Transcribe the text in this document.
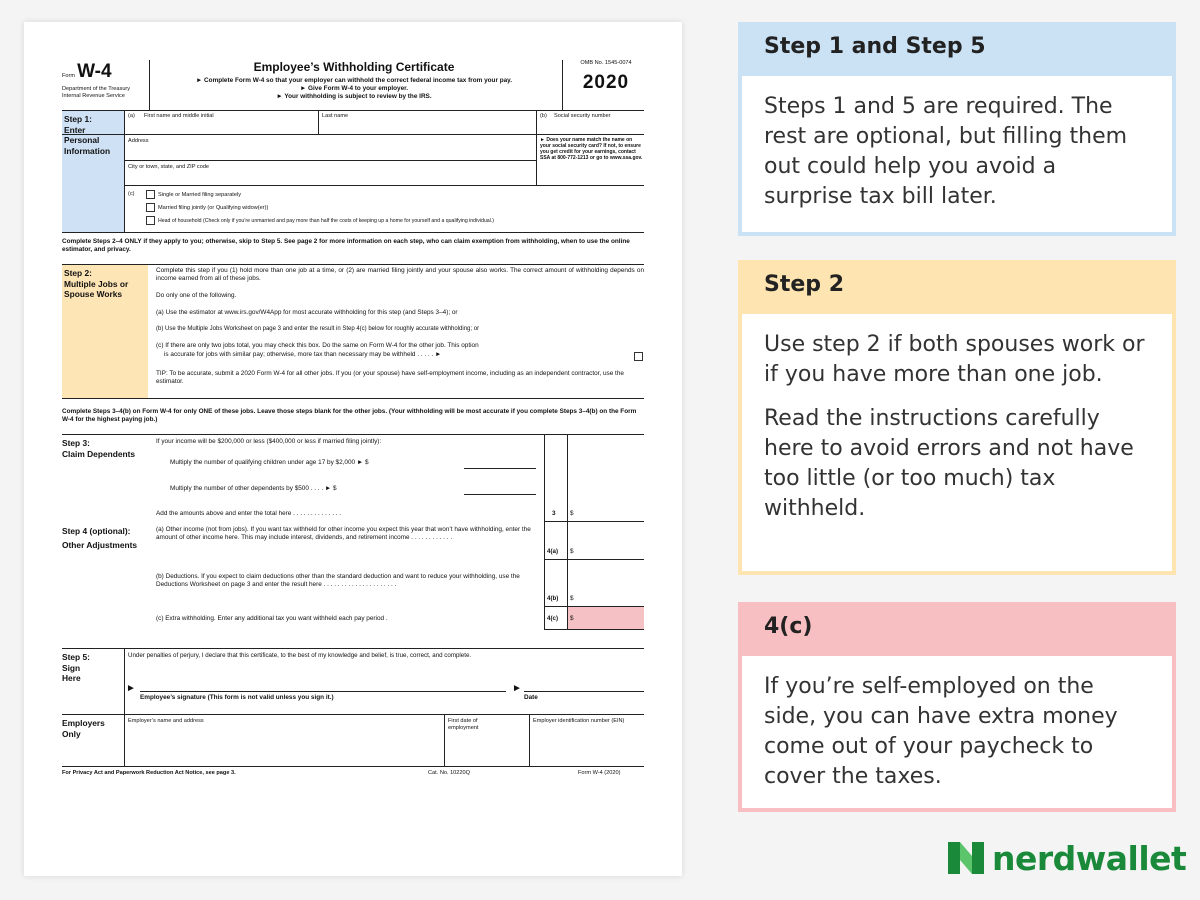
Form W-4
Department of the Treasury
Internal Revenue Service
Employee’s Withholding Certificate
► Complete Form W-4 so that your employer can withhold the correct federal income tax from your pay.
► Give Form W-4 to your employer.
► Your withholding is subject to review by the IRS.
OMB No. 1545-0074
2020
Step 1:
Enter Personal Information
(a) First name and middle initial	Last name	(b) Social security number
Address
City or town, state, and ZIP code
► Does your name match the name on your social security card? If not, to ensure you get credit for your earnings, contact SSA at 800-772-1213 or go to www.ssa.gov.
(c)	Single or Married filing separately
Married filing jointly (or Qualifying widow(er))
Head of household (Check only if you’re unmarried and pay more than half the costs of keeping up a home for yourself and a qualifying individual.)
Complete Steps 2–4 ONLY if they apply to you; otherwise, skip to Step 5. See page 2 for more information on each step, who can claim exemption from withholding, when to use the online estimator, and privacy.
Step 2:
Multiple Jobs or Spouse Works
Complete this step if you (1) hold more than one job at a time, or (2) are married filing jointly and your spouse also works. The correct amount of withholding depends on income earned from all of these jobs.
Do only one of the following.
(a) Use the estimator at www.irs.gov/W4App for most accurate withholding for this step (and Steps 3–4); or
(b) Use the Multiple Jobs Worksheet on page 3 and enter the result in Step 4(c) below for roughly accurate withholding; or
(c) If there are only two jobs total, you may check this box. Do the same on Form W-4 for the other job. This option
is accurate for jobs with similar pay; otherwise, more tax than necessary may be withheld . . . . . ►
TIP: To be accurate, submit a 2020 Form W-4 for all other jobs. If you (or your spouse) have self-employment income, including as an independent contractor, use the estimator.
Complete Steps 3–4(b) on Form W-4 for only ONE of these jobs. Leave those steps blank for the other jobs. (Your withholding will be most accurate if you complete Steps 3–4(b) on the Form W-4 for the highest paying job.)
Step 3:
Claim Dependents
If your income will be $200,000 or less ($400,000 or less if married filing jointly):
Multiply the number of qualifying children under age 17 by $2,000 ► $
Multiply the number of other dependents by $500 . . . . ► $
Add the amounts above and enter the total here . . . . . . . . . . . . . .	3 $
Step 4 (optional):
Other Adjustments
(a) Other income (not from jobs). If you want tax withheld for other income you expect this year that won’t have withholding, enter the amount of other income here. This may include interest, dividends, and retirement income . . . . . . . . . . . .
4(a) $
(b) Deductions. If you expect to claim deductions other than the standard deduction and want to reduce your withholding, use the Deductions Worksheet on page 3 and enter the result here . . . . . . . . . . . . . . . . . . . . .
4(b) $
(c) Extra withholding. Enter any additional tax you want withheld each pay period .	4(c) $
Step 5:
Sign Here
Under penalties of perjury, I declare that this certificate, to the best of my knowledge and belief, is true, correct, and complete.
►
Employee’s signature (This form is not valid unless you sign it.)
►
Date
Employers Only
Employer’s name and address	First date of employment
Employer identification number (EIN)
For Privacy Act and Paperwork Reduction Act Notice, see page 3.	Cat. No. 10220Q	Form W-4 (2020)
Step 1 and Step 5

Steps 1 and 5 are required. The rest are optional, but filling them out could help you avoid a surprise tax bill later.

Step 2

Use step 2 if both spouses work or if you have more than one job.

Read the instructions carefully here to avoid errors and not have too little (or too much) tax withheld.

4(c)

If you’re self-employed on the side, you can have extra money come out of your paycheck to cover the taxes.

nerdwallet
